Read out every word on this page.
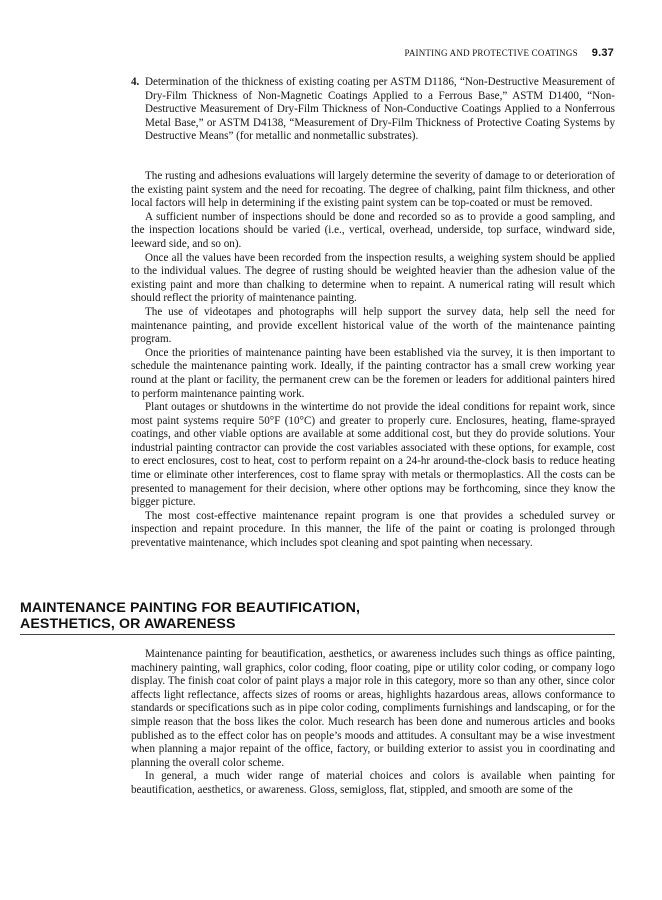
PAINTING AND PROTECTIVE COATINGS 9.37
4. Determination of the thickness of existing coating per ASTM D1186, “Non-Destructive Measurement of Dry-Film Thickness of Non-Magnetic Coatings Applied to a Ferrous Base,” ASTM D1400, “Non-Destructive Measurement of Dry-Film Thickness of Non-Conductive Coatings Applied to a Nonferrous Metal Base,” or ASTM D4138, “Measurement of Dry-Film Thickness of Protective Coating Systems by Destructive Means” (for metallic and nonmetallic substrates).

The rusting and adhesions evaluations will largely determine the severity of damage to or deterioration of the existing paint system and the need for recoating. The degree of chalking, paint film thickness, and other local factors will help in determining if the existing paint system can be top-coated or must be removed.

A sufficient number of inspections should be done and recorded so as to provide a good sampling, and the inspection locations should be varied (i.e., vertical, overhead, underside, top surface, windward side, leeward side, and so on).

Once all the values have been recorded from the inspection results, a weighing system should be applied to the individual values. The degree of rusting should be weighted heavier than the adhesion value of the existing paint and more than chalking to determine when to repaint. A numerical rating will result which should reflect the priority of maintenance painting.

The use of videotapes and photographs will help support the survey data, help sell the need for maintenance painting, and provide excellent historical value of the worth of the maintenance painting program.

Once the priorities of maintenance painting have been established via the survey, it is then important to schedule the maintenance painting work. Ideally, if the painting contractor has a small crew working year round at the plant or facility, the permanent crew can be the foremen or leaders for additional painters hired to perform maintenance painting work.

Plant outages or shutdowns in the wintertime do not provide the ideal conditions for repaint work, since most paint systems require 50°F (10°C) and greater to properly cure. Enclosures, heating, flame-sprayed coatings, and other viable options are available at some additional cost, but they do provide solutions. Your industrial painting contractor can provide the cost variables associated with these options, for example, cost to erect enclosures, cost to heat, cost to perform repaint on a 24-hr around-the-clock basis to reduce heating time or eliminate other interferences, cost to flame spray with metals or thermoplastics. All the costs can be presented to management for their decision, where other options may be forthcoming, since they know the bigger picture.

The most cost-effective maintenance repaint program is one that provides a scheduled survey or inspection and repaint procedure. In this manner, the life of the paint or coating is prolonged through preventative maintenance, which includes spot cleaning and spot painting when necessary.

MAINTENANCE PAINTING FOR BEAUTIFICATION,
AESTHETICS, OR AWARENESS

Maintenance painting for beautification, aesthetics, or awareness includes such things as office painting, machinery painting, wall graphics, color coding, floor coating, pipe or utility color coding, or company logo display. The finish coat color of paint plays a major role in this category, more so than any other, since color affects light reflectance, affects sizes of rooms or areas, highlights hazardous areas, allows conformance to standards or specifications such as in pipe color coding, compliments furnishings and landscaping, or for the simple reason that the boss likes the color. Much research has been done and numerous articles and books published as to the effect color has on people’s moods and attitudes. A consultant may be a wise investment when planning a major repaint of the office, factory, or building exterior to assist you in coordinating and planning the overall color scheme.

In general, a much wider range of material choices and colors is available when painting for beautification, aesthetics, or awareness. Gloss, semigloss, flat, stippled, and smooth are some of the
